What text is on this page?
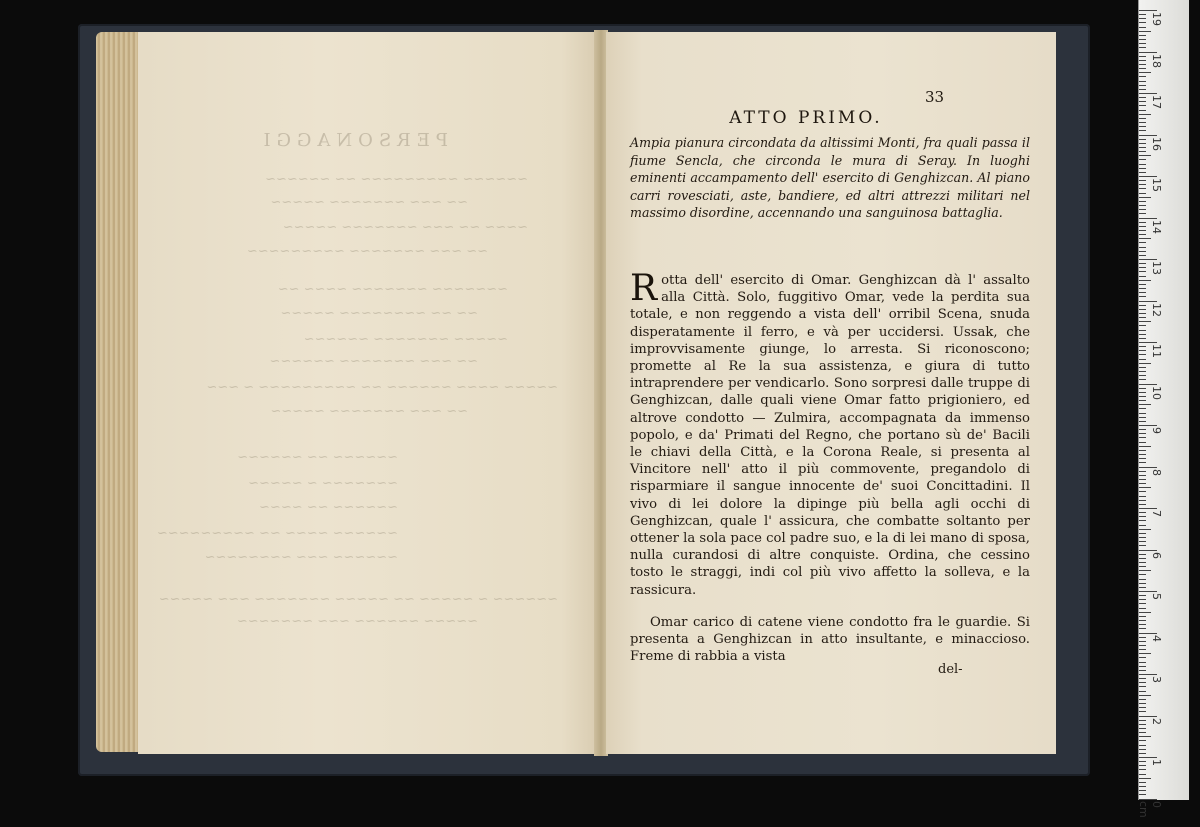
PERSONAGGI
~~~~~~ ~~~~~~~~~ ~~ ~~~~~~
~~ ~~~ ~~~~~~~ ~~~~~
~~~~ ~~ ~~~ ~~~~~~~ ~~~~~
~~ ~~~ ~~~~~~~ ~~~~~~~~~
~~~~~~~ ~~~~~~~ ~~~~ ~~
~~ ~~ ~~~~~~~~ ~~~~~
~~~~~ ~~~~~~~ ~~~~~~
~~ ~~~ ~~~~~~~ ~~~~~~
~~~~~ ~~~~ ~~~~~~ ~~ ~~~~~~~~~ ~ ~~~
~~ ~~~ ~~~~~~~ ~~~~~
~~~~~~ ~~ ~~~~~~
~~~~~~~ ~ ~~~~~
~~~~~~ ~~ ~~~~
~~~~~~ ~~~~ ~~ ~~~~~~~~~
~~~~~~ ~~~ ~~~~~~~~
~~~~~~ ~ ~~~~~ ~~ ~~~~~ ~~~~~~~ ~~~ ~~~~~
~~~~~ ~~~~~~ ~~~ ~~~~~~~
ATTO PRIMO.
33
Ampia pianura circondata da altissimi Monti, fra quali passa il fiume Sencla, che circonda le mura di Seray. In luoghi eminenti accampamento dell' esercito di Genghizcan. Al piano carri rovesciati, aste, bandiere, ed altri attrezzi militari nel massimo disordine, accennando una sanguinosa battaglia.
Rotta dell' esercito di Omar. Genghizcan dà l' assalto alla Città. Solo, fuggitivo Omar, vede la perdita sua totale, e non reggendo a vista dell' orribil Scena, snuda disperatamente il ferro, e và per uccidersi. Ussak, che improvvisamente giunge, lo arresta. Si riconoscono; promette al Re la sua assistenza, e giura di tutto intraprendere per vendicarlo. Sono sorpresi dalle truppe di Genghizcan, dalle quali viene Omar fatto prigioniero, ed altrove condotto — Zulmira, accompagnata da immenso popolo, e da' Primati del Regno, che portano sù de' Bacili le chiavi della Città, e la Corona Reale, si presenta al Vincitore nell' atto il più commovente, pregandolo di risparmiare il sangue innocente de' suoi Concittadini. Il vivo di lei dolore la dipinge più bella agli occhi di Genghizcan, quale l' assicura, che combatte soltanto per ottener la sola pace col padre suo, e la di lei mano di sposa, nulla curandosi di altre conquiste. Ordina, che cessino tosto le straggi, indi col più vivo affetto la solleva, e la rassicura.
Omar carico di catene viene condotto fra le guardie. Si presenta a Genghizcan in atto insultante, e minaccioso. Freme di rabbia a vista
del-
19
18
17
16
15
14
13
12
11
10
9
8
7
6
5
4
3
2
1
0 cm
